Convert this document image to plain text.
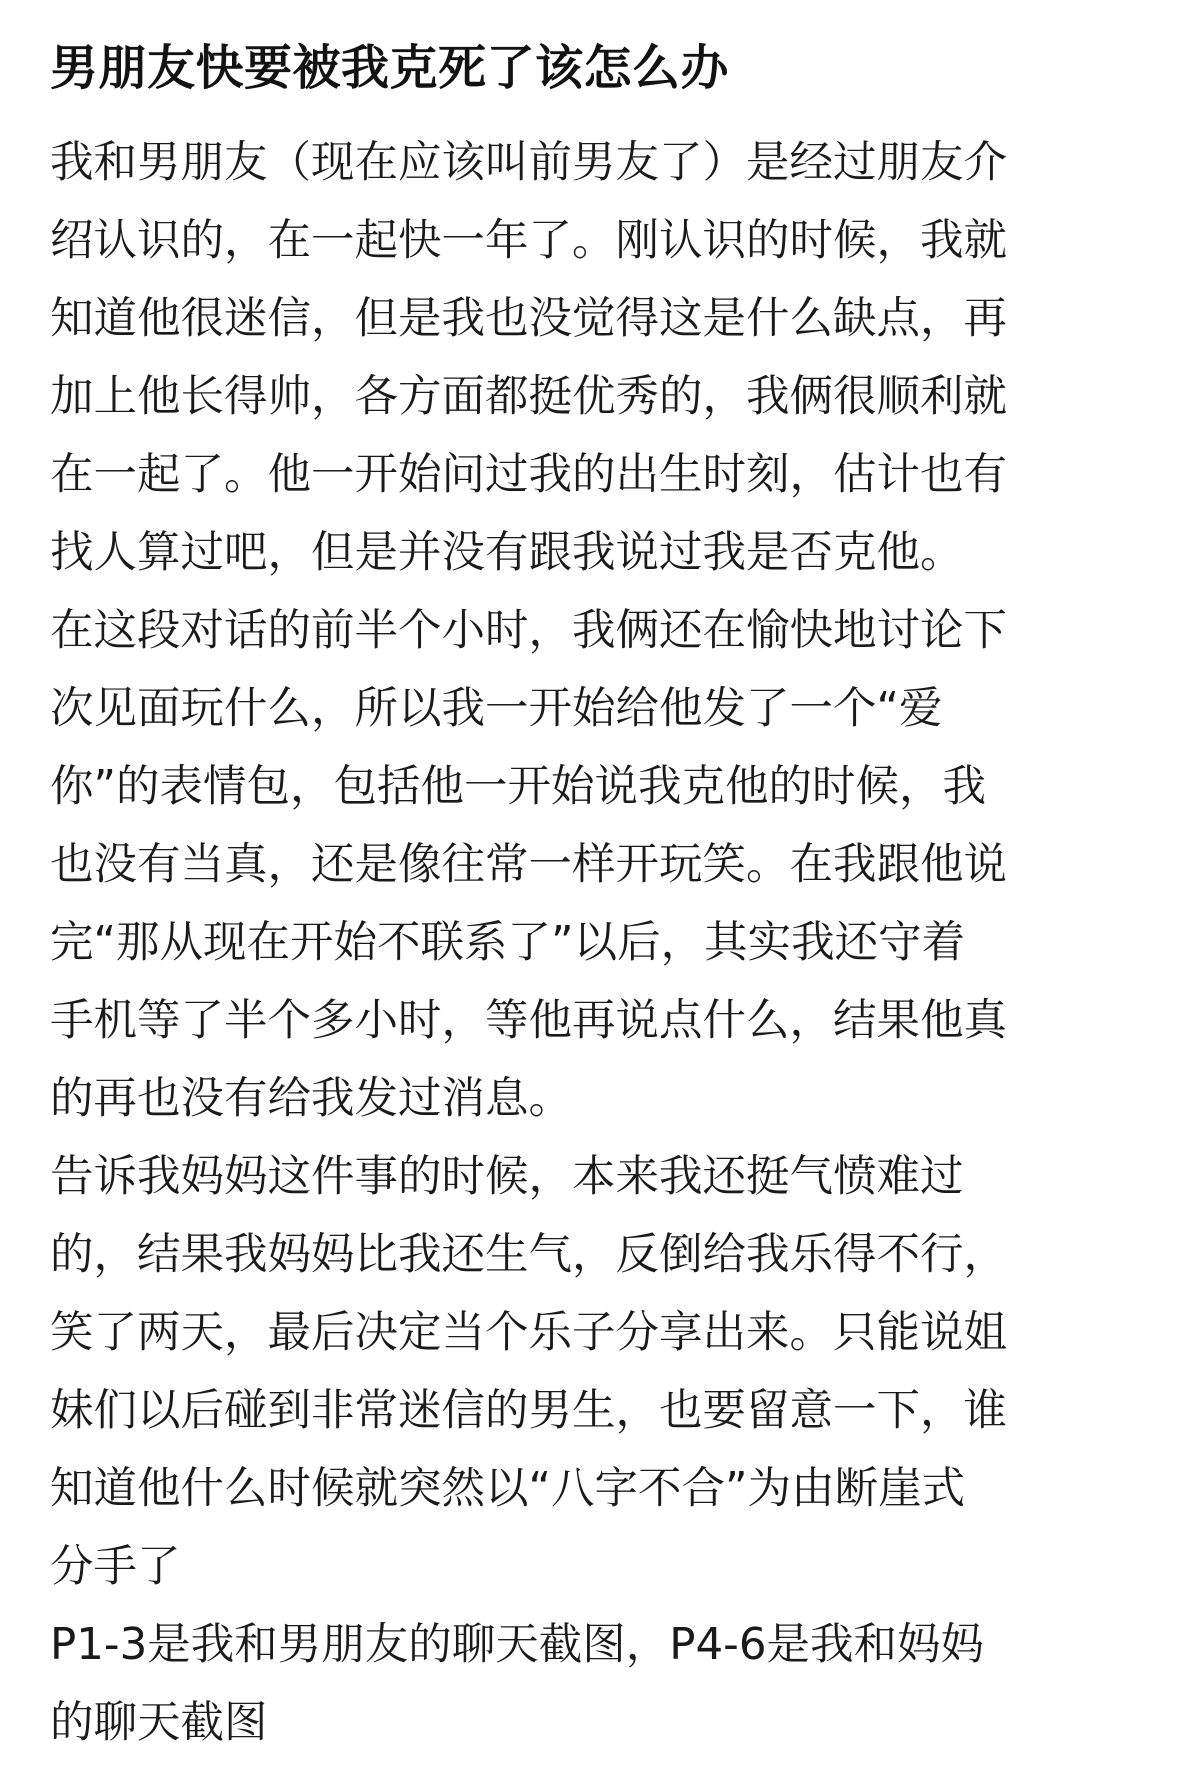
男朋友快要被我克死了该怎么办

我和男朋友（现在应该叫前男友了）是经过朋友介
绍认识的，在一起快一年了。刚认识的时候，我就
知道他很迷信，但是我也没觉得这是什么缺点，再
加上他长得帅，各方面都挺优秀的，我俩很顺利就
在一起了。他一开始问过我的出生时刻，估计也有
找人算过吧，但是并没有跟我说过我是否克他。

在这段对话的前半个小时，我俩还在愉快地讨论下
次见面玩什么，所以我一开始给他发了一个“爱
你”的表情包，包括他一开始说我克他的时候，我
也没有当真，还是像往常一样开玩笑。在我跟他说
完“那从现在开始不联系了”以后，其实我还守着
手机等了半个多小时，等他再说点什么，结果他真
的再也没有给我发过消息。

告诉我妈妈这件事的时候，本来我还挺气愤难过
的，结果我妈妈比我还生气，反倒给我乐得不行，
笑了两天，最后决定当个乐子分享出来。只能说姐
妹们以后碰到非常迷信的男生，也要留意一下，谁
知道他什么时候就突然以“八字不合”为由断崖式
分手了

P1-3是我和男朋友的聊天截图，P4-6是我和妈妈
的聊天截图
